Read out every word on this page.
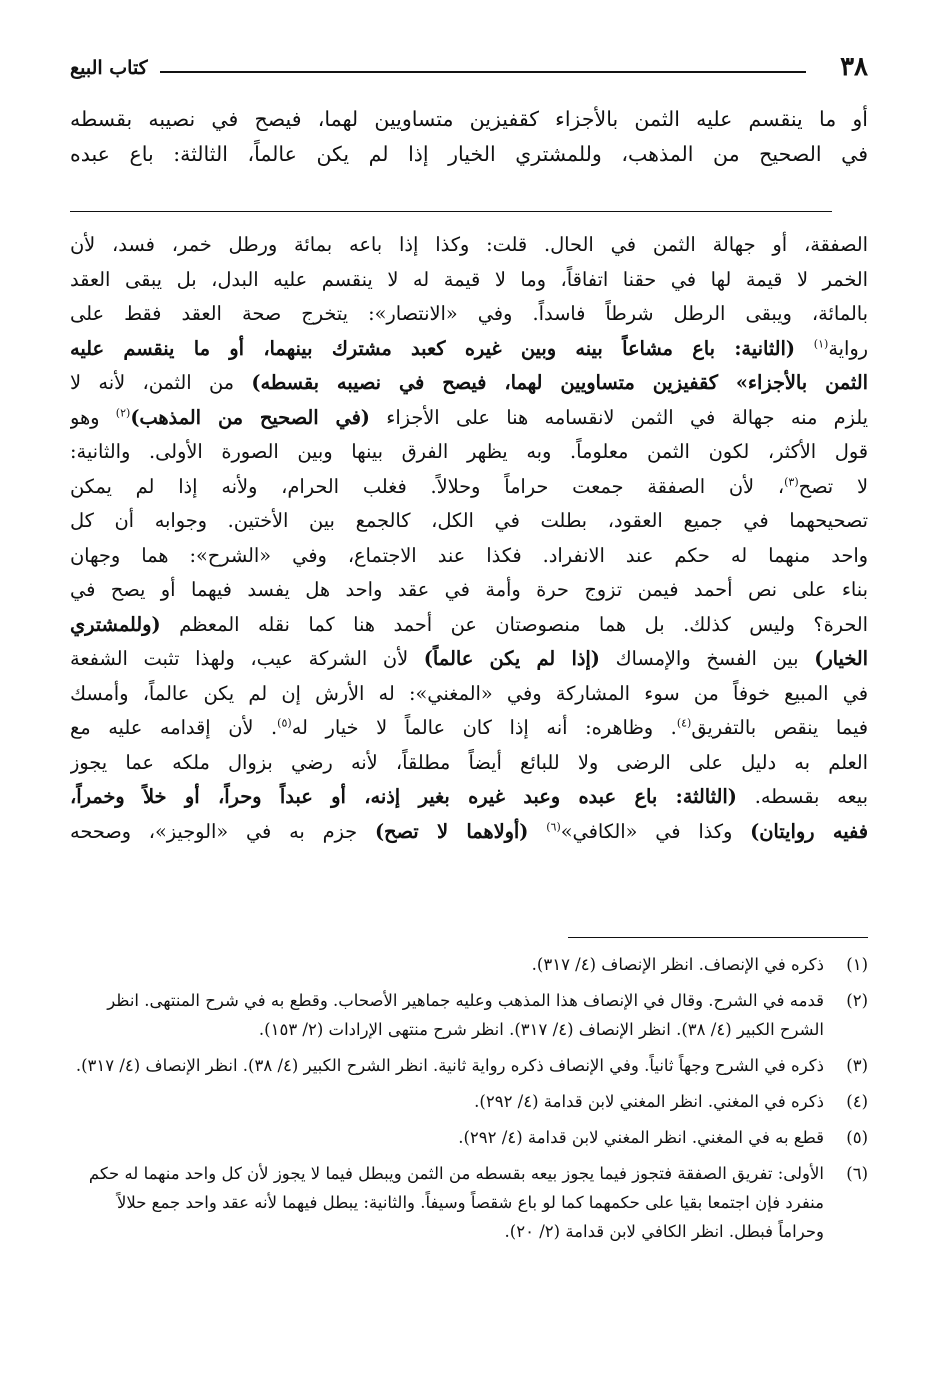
٣٨
كتاب البيع
أو ما ينقسم عليه الثمن بالأجزاء كقفيزين متساويين لهما، فيصح في نصيبه بقسطه
في الصحيح من المذهب، وللمشتري الخيار إذا لم يكن عالماً، الثالثة: باع عبده
الصفقة، أو جهالة الثمن في الحال. قلت: وكذا إذا باعه بمائة ورطل خمر، فسد، لأن
الخمر لا قيمة لها في حقنا اتفاقاً، وما لا قيمة له لا ينقسم عليه البدل، بل يبقى العقد
بالمائة، ويبقى الرطل شرطاً فاسداً. وفي «الانتصار»: يتخرج صحة العقد فقط على
رواية$^{(١)}$ (الثانية: باع مشاعاً بينه وبين غيره كعبد مشترك بينهما، أو ما ينقسم عليه
الثمن بالأجزاء» كقفيزين متساويين لهما، فيصح في نصيبه بقسطه) من الثمن، لأنه لا
يلزم منه جهالة في الثمن لانقسامه هنا على الأجزاء (في الصحيح من المذهب)$^{(٢)}$ وهو
قول الأكثر، لكون الثمن معلوماً. وبه يظهر الفرق بينها وبين الصورة الأولى. والثانية:
لا تصح$^{(٣)}$، لأن الصفقة جمعت حراماً وحلالاً. فغلب الحرام، ولأنه إذا لم يمكن
تصحيحهما في جميع العقود، بطلت في الكل، كالجمع بين الأختين. وجوابه أن كل
واحد منهما له حكم عند الانفراد. فكذا عند الاجتماع، وفي «الشرح»: هما وجهان
بناء على نص أحمد فيمن تزوج حرة وأمة في عقد واحد هل يفسد فيهما أو يصح في
الحرة؟ وليس كذلك. بل هما منصوصتان عن أحمد هنا كما نقله المعظم (وللمشتري
الخيار) بين الفسخ والإمساك (إذا لم يكن عالماً) لأن الشركة عيب، ولهذا تثبت الشفعة
في المبيع خوفاً من سوء المشاركة وفي «المغني»: له الأرش إن لم يكن عالماً، وأمسك
فيما ينقص بالتفريق$^{(٤)}$. وظاهره: أنه إذا كان عالماً لا خيار له$^{(٥)}$. لأن إقدامه عليه مع
العلم به دليل على الرضى ولا للبائع أيضاً مطلقاً، لأنه رضي بزوال ملكه عما يجوز
بيعه بقسطه. (الثالثة: باع عبده وعبد غيره بغير إذنه، أو عبداً وحراً، أو خلاً وخمراً،
ففيه روايتان) وكذا في «الكافي»$^{(٦)}$ (أولاهما لا تصح) جزم به في «الوجيز»، وصححه
(١)
ذكره في الإنصاف. انظر الإنصاف (٤/ ٣١٧).
(٢)
قدمه في الشرح. وقال في الإنصاف هذا المذهب وعليه جماهير الأصحاب. وقطع به في شرح المنتهى. انظر الشرح الكبير (٤/ ٣٨). انظر الإنصاف (٤/ ٣١٧). انظر شرح منتهى الإرادات (٢/ ١٥٣).
(٣)
ذكره في الشرح وجهاً ثانياً. وفي الإنصاف ذكره رواية ثانية. انظر الشرح الكبير (٤/ ٣٨). انظر الإنصاف (٤/ ٣١٧).
(٤)
ذكره في المغني. انظر المغني لابن قدامة (٤/ ٢٩٢).
(٥)
قطع به في المغني. انظر المغني لابن قدامة (٤/ ٢٩٢).
(٦)
الأولى: تفريق الصفقة فتجوز فيما يجوز بيعه بقسطه من الثمن ويبطل فيما لا يجوز لأن كل واحد منهما له حكم منفرد فإن اجتمعا بقيا على حكمهما كما لو باع شقصاً وسيفاً. والثانية: يبطل فيهما لأنه عقد واحد جمع حلالاً وحراماً فبطل. انظر الكافي لابن قدامة (٢/ ٢٠).
